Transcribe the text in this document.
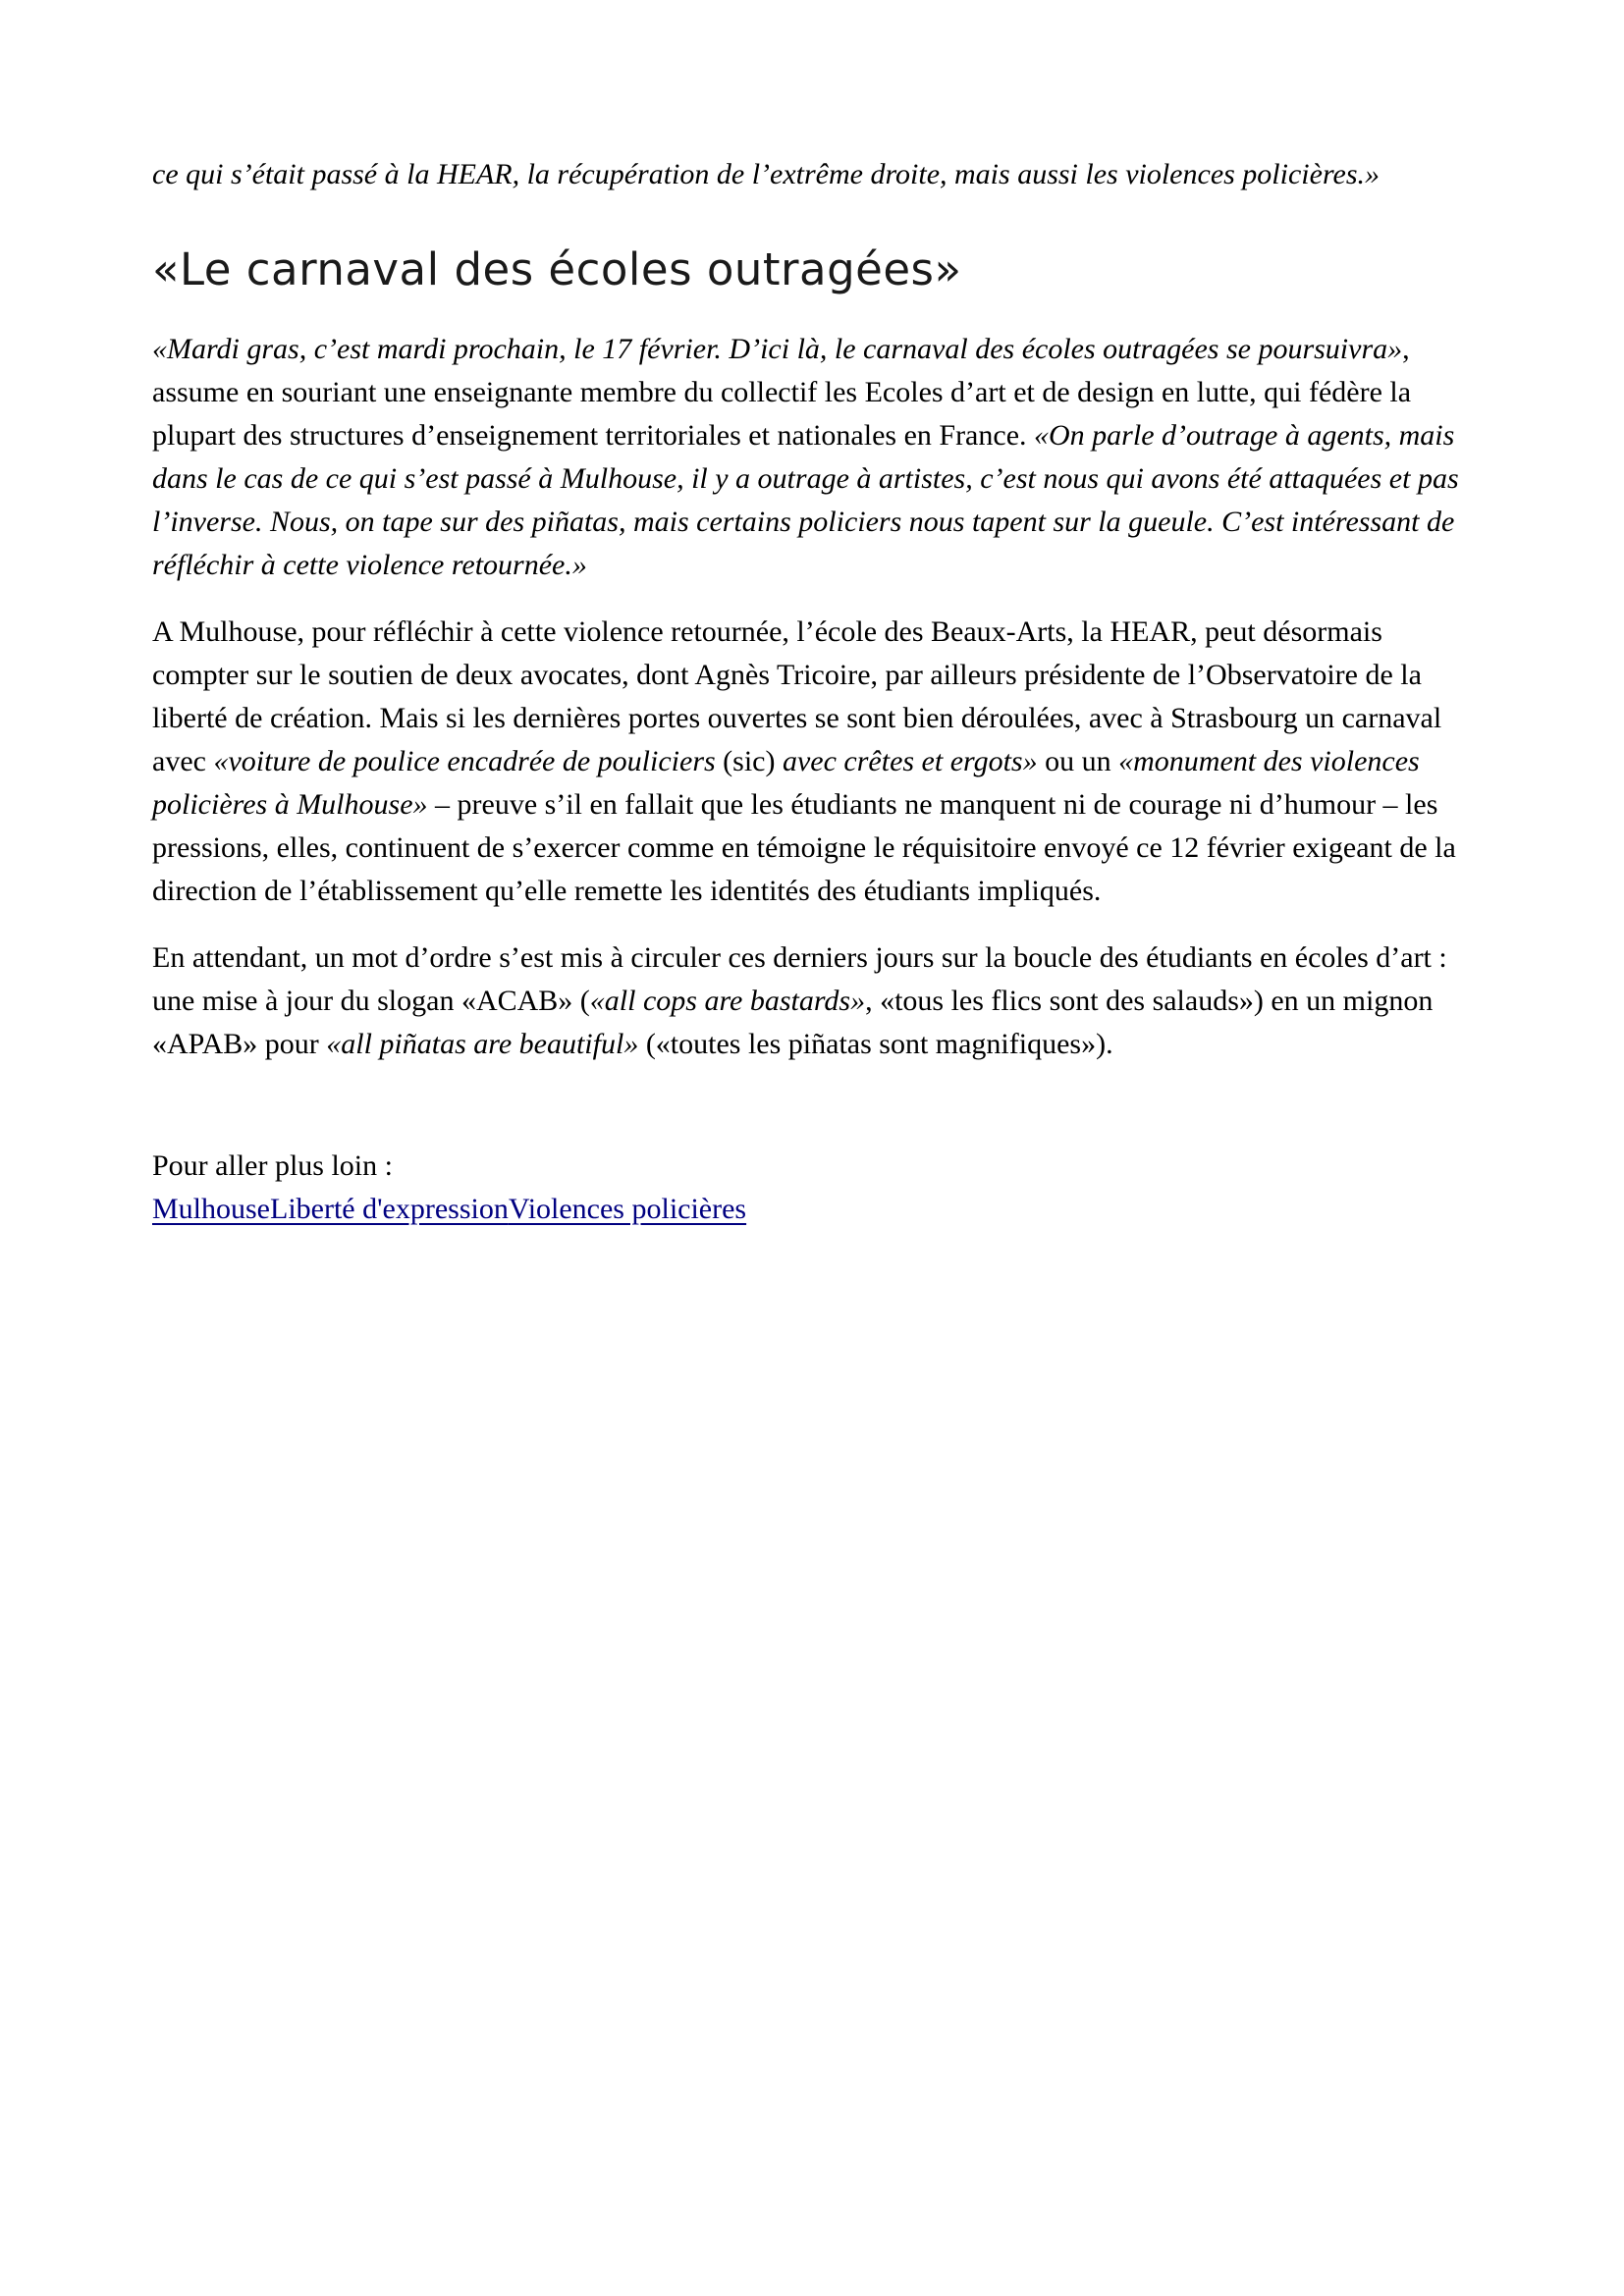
ce qui s’était passé à la HEAR, la récupération de l’extrême droite, mais aussi les violences policières.»

«Le carnaval des écoles outragées»

«Mardi gras, c’est mardi prochain, le 17 février. D’ici là, le carnaval des écoles outragées se poursuivra», assume en souriant une enseignante membre du collectif les Ecoles d’art et de design en lutte, qui fédère la plupart des structures d’enseignement territoriales et nationales en France. «On parle d’outrage à agents, mais dans le cas de ce qui s’est passé à Mulhouse, il y a outrage à artistes, c’est nous qui avons été attaquées et pas l’inverse. Nous, on tape sur des piñatas, mais certains policiers nous tapent sur la gueule. C’est intéressant de réfléchir à cette violence retournée.»

A Mulhouse, pour réfléchir à cette violence retournée, l’école des Beaux-Arts, la HEAR, peut désormais compter sur le soutien de deux avocates, dont Agnès Tricoire, par ailleurs présidente de l’Observatoire de la liberté de création. Mais si les dernières portes ouvertes se sont bien déroulées, avec à Strasbourg un carnaval avec «voiture de poulice encadrée de pouliciers (sic) avec crêtes et ergots» ou un «monument des violences policières à Mulhouse» – preuve s’il en fallait que les étudiants ne manquent ni de courage ni d’humour – les pressions, elles, continuent de s’exercer comme en témoigne le réquisitoire envoyé ce 12 février exigeant de la direction de l’établissement qu’elle remette les identités des étudiants impliqués.

En attendant, un mot d’ordre s’est mis à circuler ces derniers jours sur la boucle des étudiants en écoles d’art : une mise à jour du slogan «ACAB» («all cops are bastards», «tous les flics sont des salauds») en un mignon «APAB» pour «all piñatas are beautiful» («toutes les piñatas sont magnifiques»).

Pour aller plus loin :

MulhouseLiberté d'expressionViolences policières
